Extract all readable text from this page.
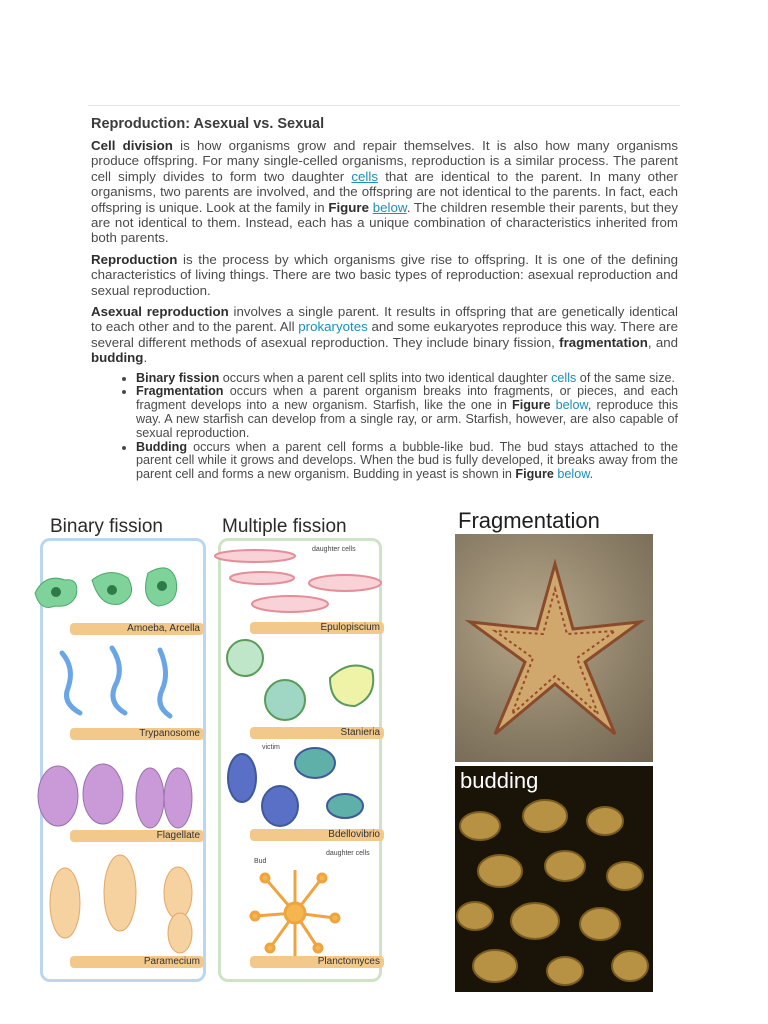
Reproduction: Asexual vs. Sexual

Cell division is how organisms grow and repair themselves. It is also how many organisms produce offspring. For many single-celled organisms, reproduction is a similar process. The parent cell simply divides to form two daughter cells that are identical to the parent. In many other organisms, two parents are involved, and the offspring are not identical to the parents. In fact, each offspring is unique. Look at the family in Figure below. The children resemble their parents, but they are not identical to them. Instead, each has a unique combination of characteristics inherited from both parents.

Reproduction is the process by which organisms give rise to offspring. It is one of the defining characteristics of living things. There are two basic types of reproduction: asexual reproduction and sexual reproduction.

Asexual reproduction involves a single parent. It results in offspring that are genetically identical to each other and to the parent. All prokaryotes and some eukaryotes reproduce this way. There are several different methods of asexual reproduction. They include binary fission, fragmentation, and budding.

• Binary fission occurs when a parent cell splits into two identical daughter cells of the same size.
• Fragmentation occurs when a parent organism breaks into fragments, or pieces, and each fragment develops into a new organism. Starfish, like the one in Figure below, reproduce this way. A new starfish can develop from a single ray, or arm. Starfish, however, are also capable of sexual reproduction.
• Budding occurs when a parent cell forms a bubble-like bud. The bud stays attached to the parent cell while it grows and develops. When the bud is fully developed, it breaks away from the parent cell and forms a new organism. Budding in yeast is shown in Figure below.
Binary fission	Multiple fission	Fragmentation
Amoeba, Arcella
Trypanosome
Flagellate
Paramecium
Epulopiscium
Stanieria
Bdellovibrio
Planctomyces
daughter cells
victim
Bud
daughter cells
budding
